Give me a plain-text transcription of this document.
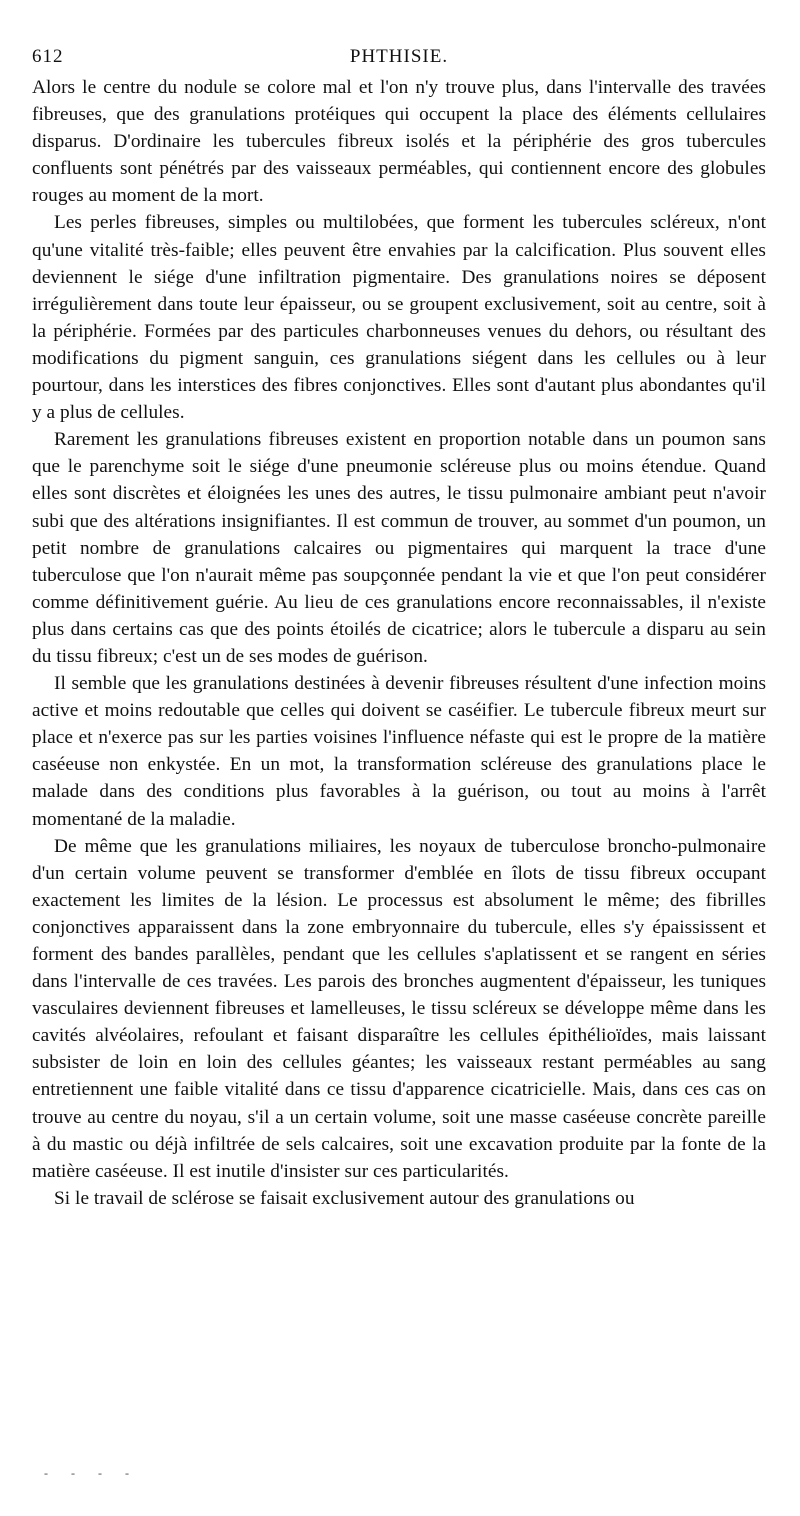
612	PHTHISIE.

Alors le centre du nodule se colore mal et l'on n'y trouve plus, dans l'intervalle des travées fibreuses, que des granulations protéiques qui occupent la place des éléments cellulaires disparus. D'ordinaire les tubercules fibreux isolés et la périphérie des gros tubercules confluents sont pénétrés par des vaisseaux perméables, qui contiennent encore des globules rouges au moment de la mort.

Les perles fibreuses, simples ou multilobées, que forment les tubercules scléreux, n'ont qu'une vitalité très-faible; elles peuvent être envahies par la calcification. Plus souvent elles deviennent le siége d'une infiltration pigmentaire. Des granulations noires se déposent irrégulièrement dans toute leur épaisseur, ou se groupent exclusivement, soit au centre, soit à la périphérie. Formées par des particules charbonneuses venues du dehors, ou résultant des modifications du pigment sanguin, ces granulations siégent dans les cellules ou à leur pourtour, dans les interstices des fibres conjonctives. Elles sont d'autant plus abondantes qu'il y a plus de cellules.

Rarement les granulations fibreuses existent en proportion notable dans un poumon sans que le parenchyme soit le siége d'une pneumonie scléreuse plus ou moins étendue. Quand elles sont discrètes et éloignées les unes des autres, le tissu pulmonaire ambiant peut n'avoir subi que des altérations insignifiantes. Il est commun de trouver, au sommet d'un poumon, un petit nombre de granulations calcaires ou pigmentaires qui marquent la trace d'une tuberculose que l'on n'aurait même pas soupçonnée pendant la vie et que l'on peut considérer comme définitivement guérie. Au lieu de ces granulations encore reconnaissables, il n'existe plus dans certains cas que des points étoilés de cicatrice; alors le tubercule a disparu au sein du tissu fibreux; c'est un de ses modes de guérison.

Il semble que les granulations destinées à devenir fibreuses résultent d'une infection moins active et moins redoutable que celles qui doivent se caséifier. Le tubercule fibreux meurt sur place et n'exerce pas sur les parties voisines l'influence néfaste qui est le propre de la matière caséeuse non enkystée. En un mot, la transformation scléreuse des granulations place le malade dans des conditions plus favorables à la guérison, ou tout au moins à l'arrêt momentané de la maladie.

De même que les granulations miliaires, les noyaux de tuberculose broncho-pulmonaire d'un certain volume peuvent se transformer d'emblée en îlots de tissu fibreux occupant exactement les limites de la lésion. Le processus est absolument le même; des fibrilles conjonctives apparaissent dans la zone embryonnaire du tubercule, elles s'y épaississent et forment des bandes parallèles, pendant que les cellules s'aplatissent et se rangent en séries dans l'intervalle de ces travées. Les parois des bronches augmentent d'épaisseur, les tuniques vasculaires deviennent fibreuses et lamelleuses, le tissu scléreux se développe même dans les cavités alvéolaires, refoulant et faisant disparaître les cellules épithélioïdes, mais laissant subsister de loin en loin des cellules géantes; les vaisseaux restant perméables au sang entretiennent une faible vitalité dans ce tissu d'apparence cicatricielle. Mais, dans ces cas on trouve au centre du noyau, s'il a un certain volume, soit une masse caséeuse concrète pareille à du mastic ou déjà infiltrée de sels calcaires, soit une excavation produite par la fonte de la matière caséeuse. Il est inutile d'insister sur ces particularités.

Si le travail de sclérose se faisait exclusivement autour des granulations ou

- - - -
